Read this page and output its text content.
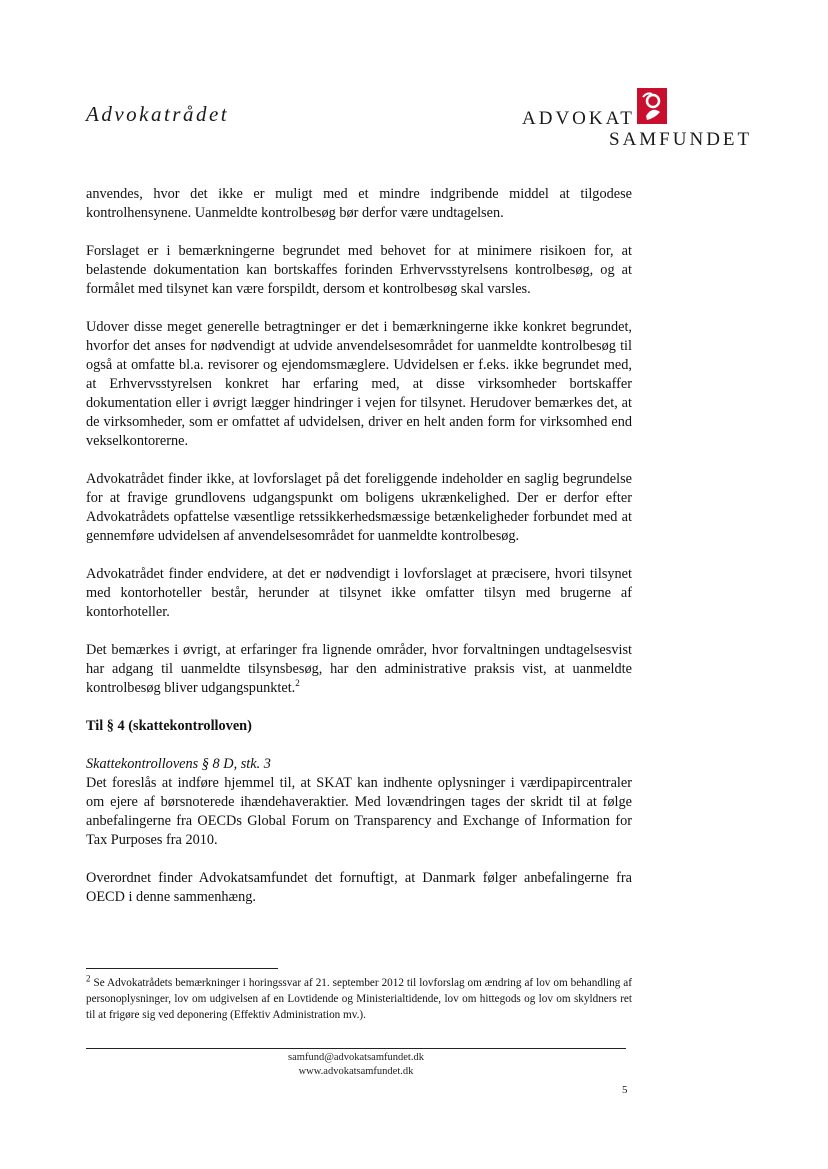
Advokatrådet	ADVOKAT
SAMFUNDET

anvendes, hvor det ikke er muligt med et mindre indgribende middel at tilgodese kontrolhensynene. Uanmeldte kontrolbesøg bør derfor være undtagelsen.

Forslaget er i bemærkningerne begrundet med behovet for at minimere risikoen for, at belastende dokumentation kan bortskaffes forinden Erhvervsstyrelsens kontrolbesøg, og at formålet med tilsynet kan være forspildt, dersom et kontrolbesøg skal varsles.

Udover disse meget generelle betragtninger er det i bemærkningerne ikke konkret begrundet, hvorfor det anses for nødvendigt at udvide anvendelsesområdet for uanmeldte kontrolbesøg til også at omfatte bl.a. revisorer og ejendomsmæglere. Udvidelsen er f.eks. ikke begrundet med, at Erhvervsstyrelsen konkret har erfaring med, at disse virksomheder bortskaffer dokumentation eller i øvrigt lægger hindringer i vejen for tilsynet. Herudover bemærkes det, at de virksomheder, som er omfattet af udvidelsen, driver en helt anden form for virksomhed end vekselkontorerne.

Advokatrådet finder ikke, at lovforslaget på det foreliggende indeholder en saglig begrundelse for at fravige grundlovens udgangspunkt om boligens ukrænkelighed. Der er derfor efter Advokatrådets opfattelse væsentlige retssikkerhedsmæssige betænkeligheder forbundet med at gennemføre udvidelsen af anvendelsesområdet for uanmeldte kontrolbesøg.

Advokatrådet finder endvidere, at det er nødvendigt i lovforslaget at præcisere, hvori tilsynet med kontorhoteller består, herunder at tilsynet ikke omfatter tilsyn med brugerne af kontorhoteller.

Det bemærkes i øvrigt, at erfaringer fra lignende områder, hvor forvaltningen undtagelsesvist har adgang til uanmeldte tilsynsbesøg, har den administrative praksis vist, at uanmeldte kontrolbesøg bliver udgangspunktet.$^2$

Til § 4 (skattekontrolloven)
Skattekontrollovens § 8 D, stk. 3

Det foreslås at indføre hjemmel til, at SKAT kan indhente oplysninger i værdipapircentraler om ejere af børsnoterede ihændehaveraktier. Med lovændringen tages der skridt til at følge anbefalingerne fra OECDs Global Forum on Transparency and Exchange of Information for Tax Purposes fra 2010.

Overordnet finder Advokatsamfundet det fornuftigt, at Danmark følger anbefalingerne fra OECD i denne sammenhæng.

$^2$ Se Advokatrådets bemærkninger i horingssvar af 21. september 2012 til lovforslag om ændring af lov om behandling af personoplysninger, lov om udgivelsen af en Lovtidende og Ministerialtidende, lov om hittegods og lov om skyldners ret til at frigøre sig ved deponering (Effektiv Administration mv.).
samfund@advokatsamfundet.dk
www.advokatsamfundet.dk
5
